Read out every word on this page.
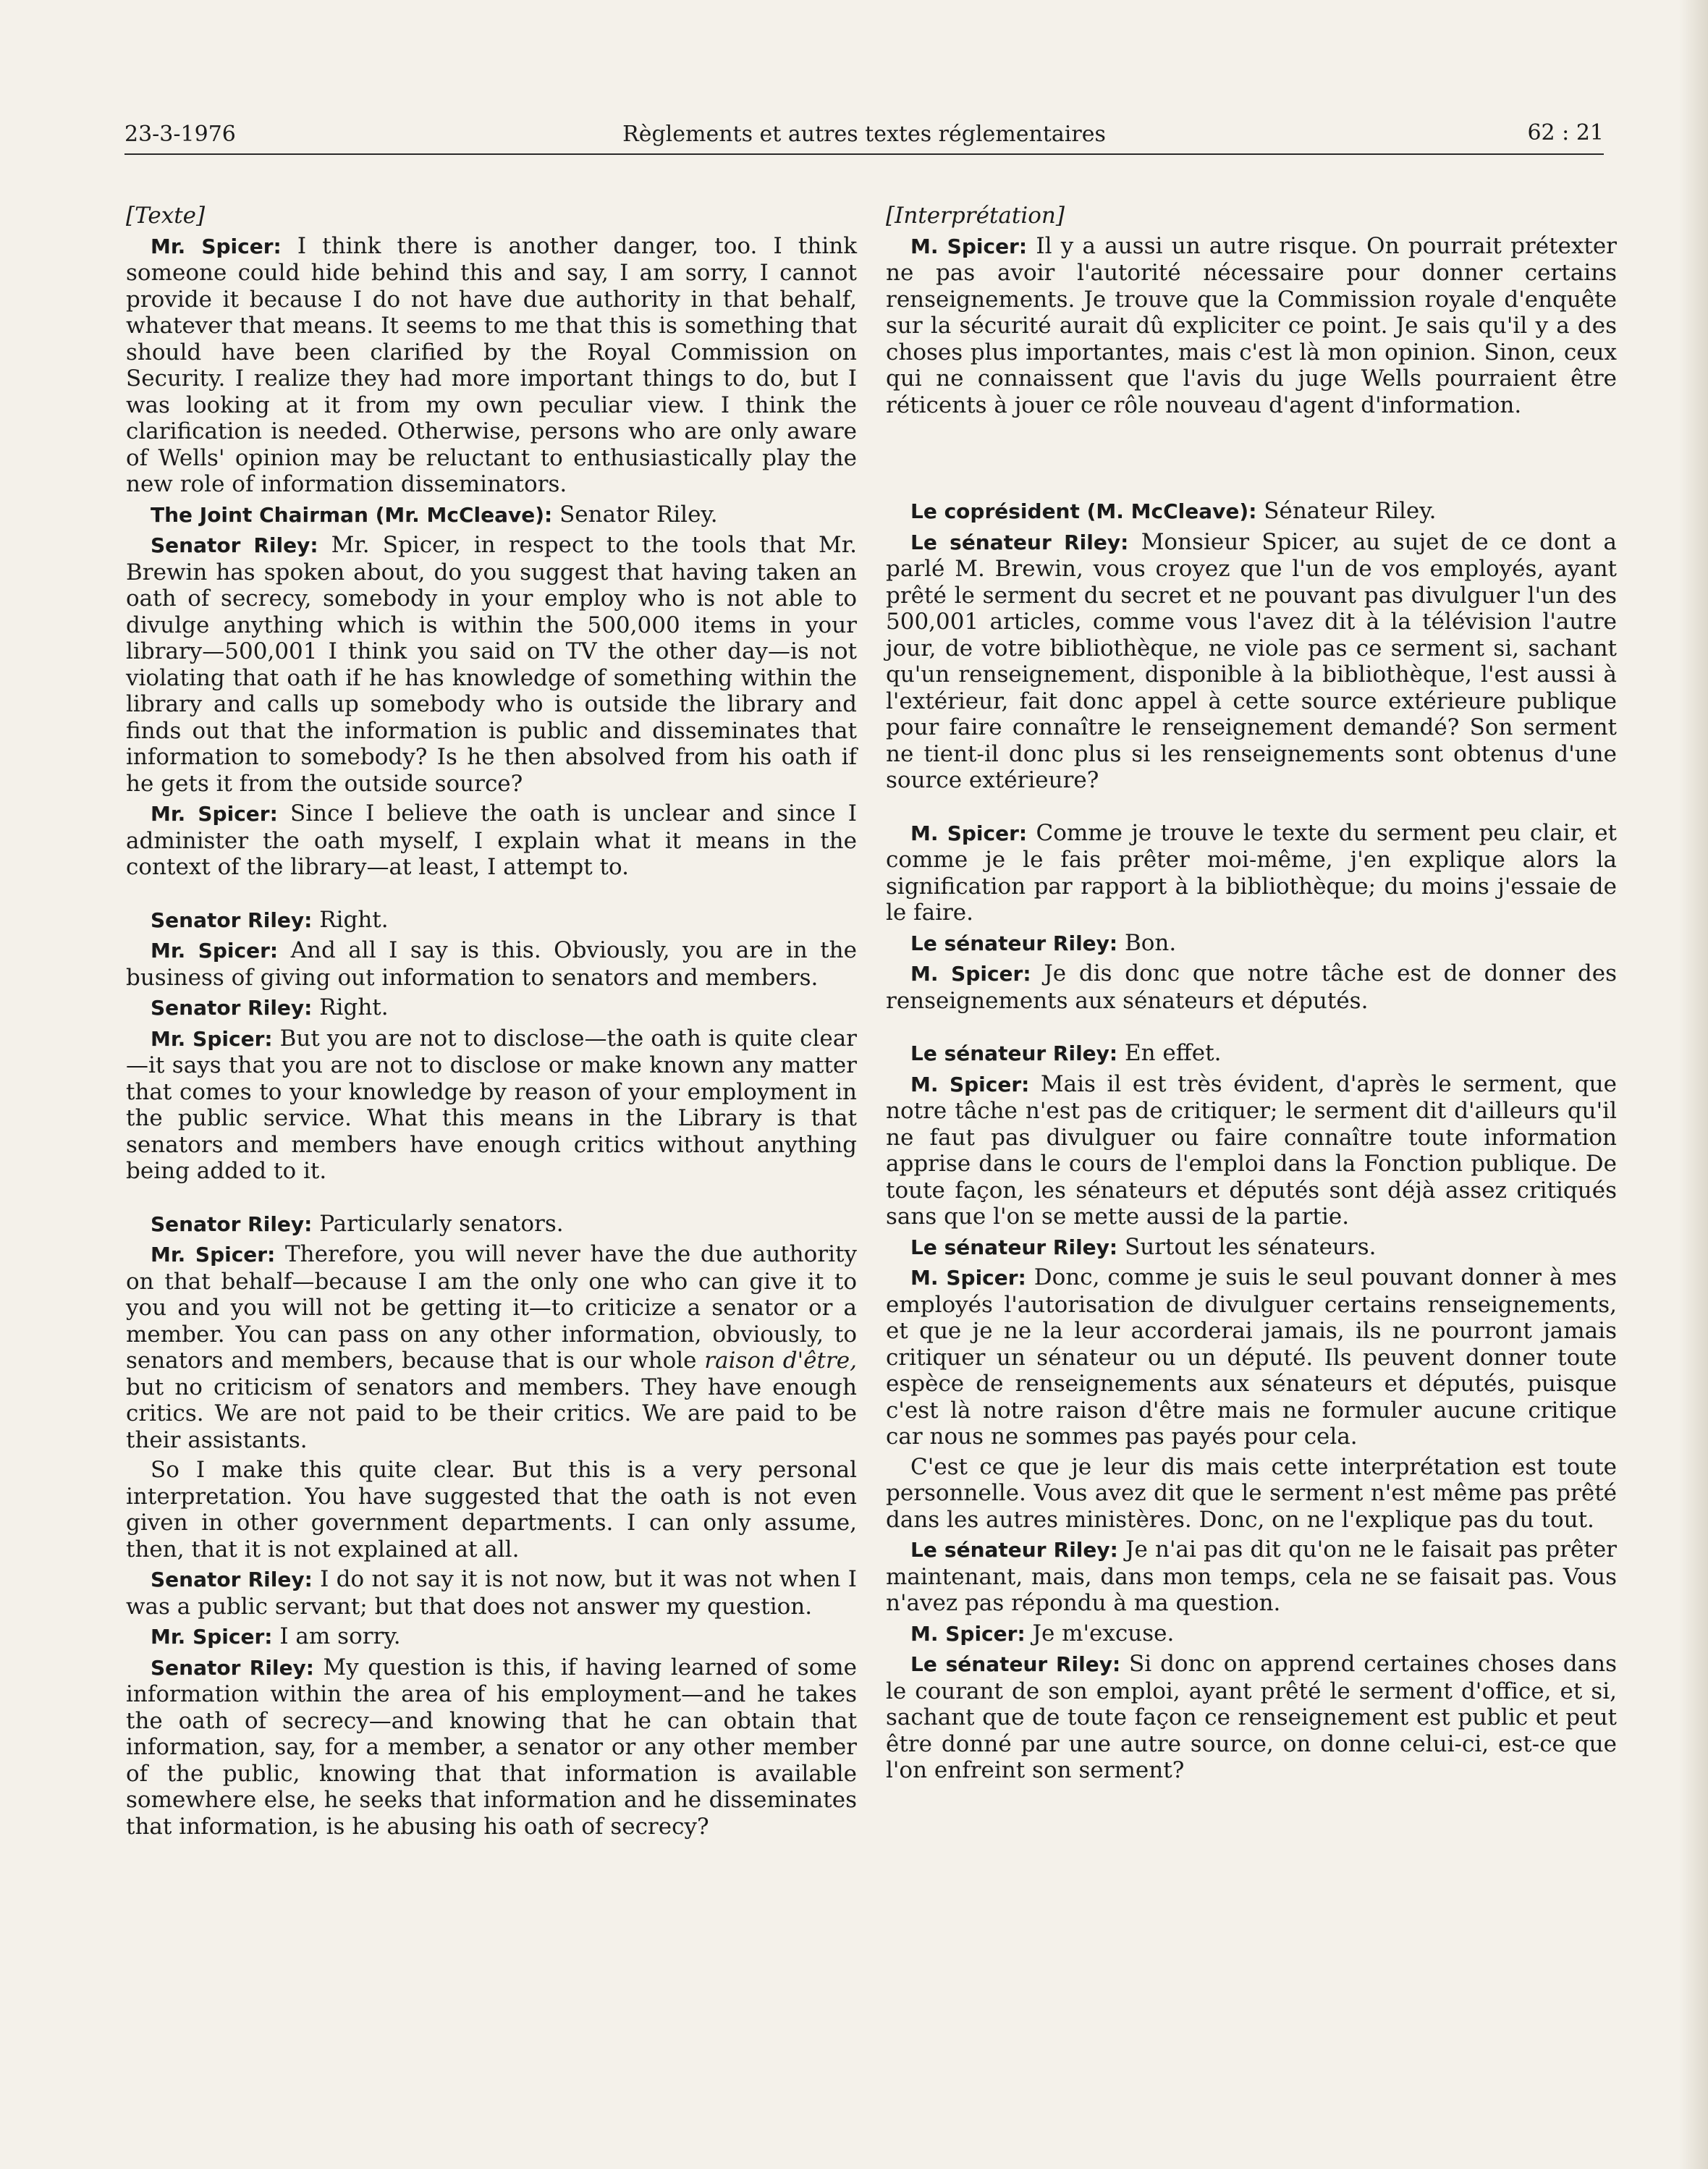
23-3-1976	Règlements et autres textes réglementaires	62 : 21

[Texte]

Mr. Spicer: I think there is another danger, too. I think someone could hide behind this and say, I am sorry, I cannot provide it because I do not have due authority in that behalf, whatever that means. It seems to me that this is something that should have been clarified by the Royal Commission on Security. I realize they had more important things to do, but I was looking at it from my own peculiar view. I think the clarification is needed. Otherwise, persons who are only aware of Wells' opinion may be reluctant to enthusiastically play the new role of information disseminators.

The Joint Chairman (Mr. McCleave): Senator Riley.

Senator Riley: Mr. Spicer, in respect to the tools that Mr. Brewin has spoken about, do you suggest that having taken an oath of secrecy, somebody in your employ who is not able to divulge anything which is within the 500,000 items in your library—500,001 I think you said on TV the other day—is not violating that oath if he has knowledge of something within the library and calls up somebody who is outside the library and finds out that the information is public and disseminates that information to somebody? Is he then absolved from his oath if he gets it from the outside source?

Mr. Spicer: Since I believe the oath is unclear and since I administer the oath myself, I explain what it means in the context of the library—at least, I attempt to.

Senator Riley: Right.

Mr. Spicer: And all I say is this. Obviously, you are in the business of giving out information to senators and members.

Senator Riley: Right.

Mr. Spicer: But you are not to disclose—the oath is quite clear—it says that you are not to disclose or make known any matter that comes to your knowledge by reason of your employment in the public service. What this means in the Library is that senators and members have enough critics without anything being added to it.

Senator Riley: Particularly senators.

Mr. Spicer: Therefore, you will never have the due authority on that behalf—because I am the only one who can give it to you and you will not be getting it—to criticize a senator or a member. You can pass on any other information, obviously, to senators and members, because that is our whole raison d'être, but no criticism of senators and members. They have enough critics. We are not paid to be their critics. We are paid to be their assistants.

So I make this quite clear. But this is a very personal interpretation. You have suggested that the oath is not even given in other government departments. I can only assume, then, that it is not explained at all.

Senator Riley: I do not say it is not now, but it was not when I was a public servant; but that does not answer my question.

Mr. Spicer: I am sorry.

Senator Riley: My question is this, if having learned of some information within the area of his employment—and he takes the oath of secrecy—and knowing that he can obtain that information, say, for a member, a senator or any other member of the public, knowing that that information is available somewhere else, he seeks that information and he disseminates that information, is he abusing his oath of secrecy?

[Interprétation]

M. Spicer: Il y a aussi un autre risque. On pourrait prétexter ne pas avoir l'autorité nécessaire pour donner certains renseignements. Je trouve que la Commission royale d'enquête sur la sécurité aurait dû expliciter ce point. Je sais qu'il y a des choses plus importantes, mais c'est là mon opinion. Sinon, ceux qui ne connaissent que l'avis du juge Wells pourraient être réticents à jouer ce rôle nouveau d'agent d'information.

Le coprésident (M. McCleave): Sénateur Riley.

Le sénateur Riley: Monsieur Spicer, au sujet de ce dont a parlé M. Brewin, vous croyez que l'un de vos employés, ayant prêté le serment du secret et ne pouvant pas divulguer l'un des 500,001 articles, comme vous l'avez dit à la télévision l'autre jour, de votre bibliothèque, ne viole pas ce serment si, sachant qu'un renseignement, disponible à la bibliothèque, l'est aussi à l'extérieur, fait donc appel à cette source extérieure publique pour faire connaître le renseignement demandé? Son serment ne tient-il donc plus si les renseignements sont obtenus d'une source extérieure?

M. Spicer: Comme je trouve le texte du serment peu clair, et comme je le fais prêter moi-même, j'en explique alors la signification par rapport à la bibliothèque; du moins j'essaie de le faire.

Le sénateur Riley: Bon.

M. Spicer: Je dis donc que notre tâche est de donner des renseignements aux sénateurs et députés.

Le sénateur Riley: En effet.

M. Spicer: Mais il est très évident, d'après le serment, que notre tâche n'est pas de critiquer; le serment dit d'ailleurs qu'il ne faut pas divulguer ou faire connaître toute information apprise dans le cours de l'emploi dans la Fonction publique. De toute façon, les sénateurs et députés sont déjà assez critiqués sans que l'on se mette aussi de la partie.

Le sénateur Riley: Surtout les sénateurs.

M. Spicer: Donc, comme je suis le seul pouvant donner à mes employés l'autorisation de divulguer certains renseignements, et que je ne la leur accorderai jamais, ils ne pourront jamais critiquer un sénateur ou un député. Ils peuvent donner toute espèce de renseignements aux sénateurs et députés, puisque c'est là notre raison d'être mais ne formuler aucune critique car nous ne sommes pas payés pour cela.

C'est ce que je leur dis mais cette interprétation est toute personnelle. Vous avez dit que le serment n'est même pas prêté dans les autres ministères. Donc, on ne l'explique pas du tout.

Le sénateur Riley: Je n'ai pas dit qu'on ne le faisait pas prêter maintenant, mais, dans mon temps, cela ne se faisait pas. Vous n'avez pas répondu à ma question.

M. Spicer: Je m'excuse.

Le sénateur Riley: Si donc on apprend certaines choses dans le courant de son emploi, ayant prêté le serment d'office, et si, sachant que de toute façon ce renseignement est public et peut être donné par une autre source, on donne celui-ci, est-ce que l'on enfreint son serment?
